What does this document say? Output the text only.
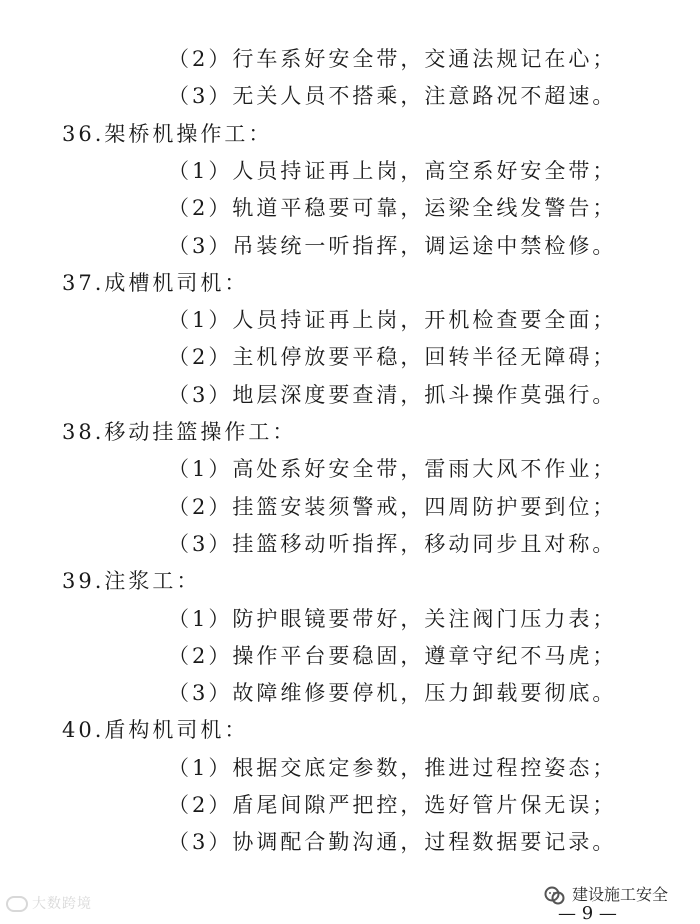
（2）行车系好安全带，交通法规记在心；
（3）无关人员不搭乘，注意路况不超速。
36.架桥机操作工：
（1）人员持证再上岗，高空系好安全带；
（2）轨道平稳要可靠，运梁全线发警告；
（3）吊装统一听指挥，调运途中禁检修。
37.成槽机司机：
（1）人员持证再上岗，开机检查要全面；
（2）主机停放要平稳，回转半径无障碍；
（3）地层深度要查清，抓斗操作莫强行。
38.移动挂篮操作工：
（1）高处系好安全带，雷雨大风不作业；
（2）挂篮安装须警戒，四周防护要到位；
（3）挂篮移动听指挥，移动同步且对称。
39.注浆工：
（1）防护眼镜要带好，关注阀门压力表；
（2）操作平台要稳固，遵章守纪不马虎；
（3）故障维修要停机，压力卸载要彻底。
40.盾构机司机：
（1）根据交底定参数，推进过程控姿态；
（2）盾尾间隙严把控，选好管片保无误；
（3）协调配合勤沟通，过程数据要记录。
大数跨境	建设施工安全
— 9 —
